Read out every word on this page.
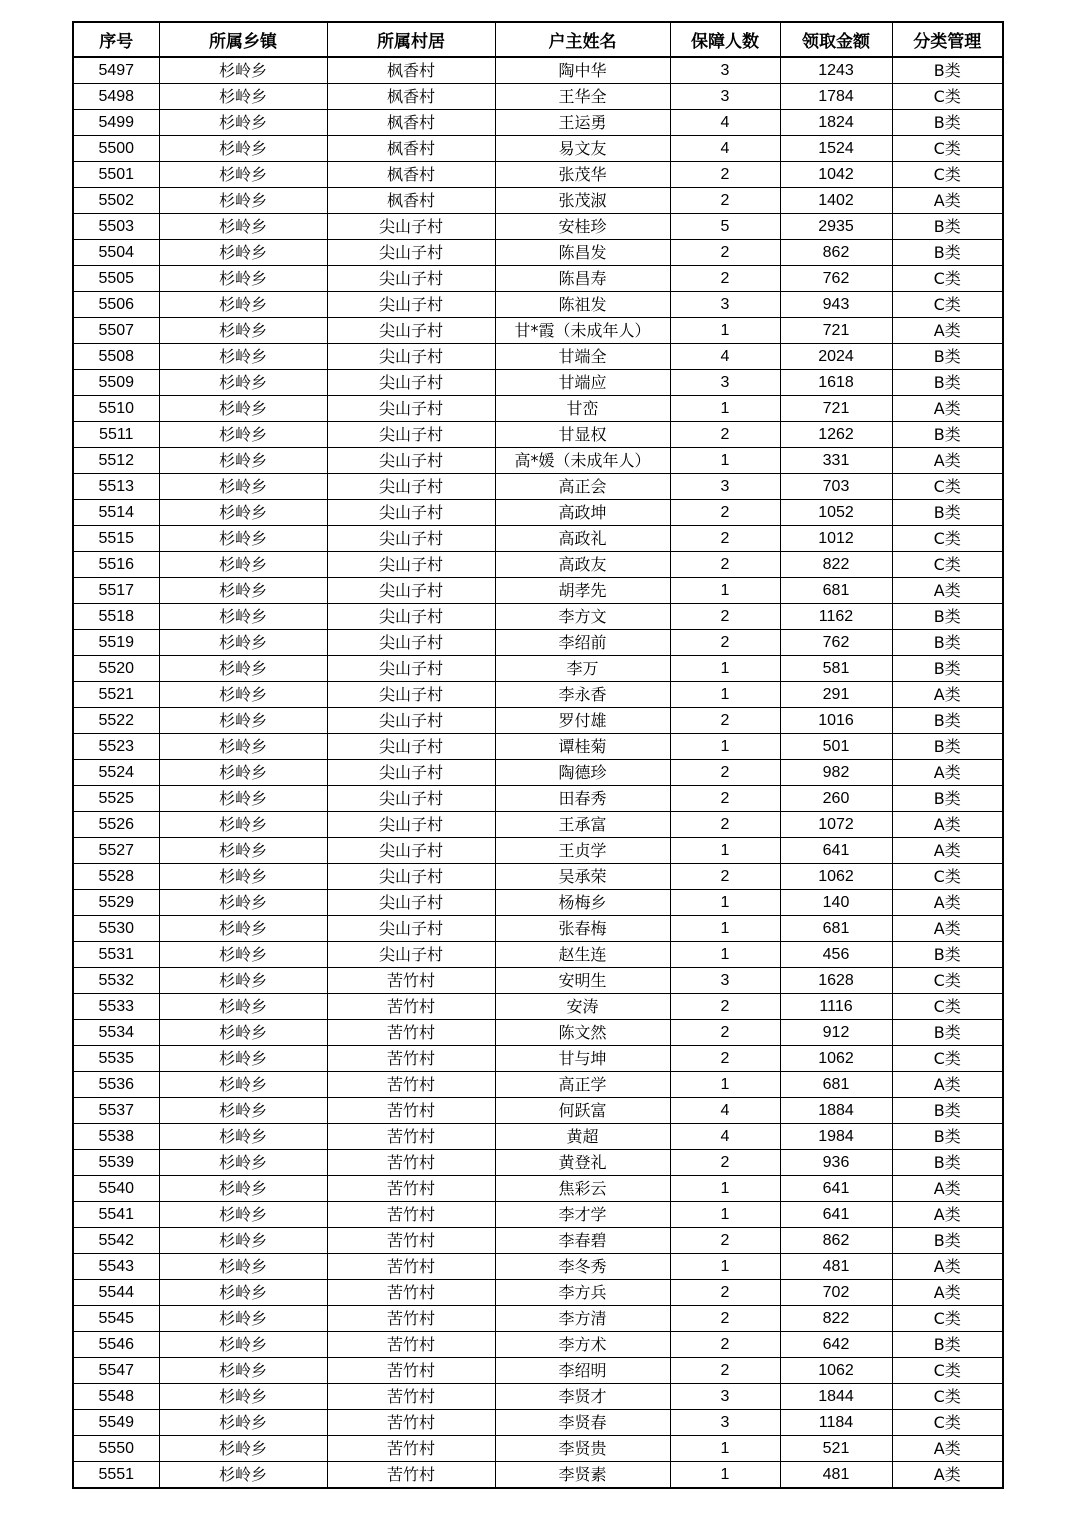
序号	所属乡镇	所属村居	户主姓名	保障人数	领取金额	分类管理
5497	杉岭乡	枫香村	陶中华	3	1243	B类
5498	杉岭乡	枫香村	王华全	3	1784	C类
5499	杉岭乡	枫香村	王运勇	4	1824	B类
5500	杉岭乡	枫香村	易文友	4	1524	C类
5501	杉岭乡	枫香村	张茂华	2	1042	C类
5502	杉岭乡	枫香村	张茂淑	2	1402	A类
5503	杉岭乡	尖山子村	安桂珍	5	2935	B类
5504	杉岭乡	尖山子村	陈昌发	2	862	B类
5505	杉岭乡	尖山子村	陈昌寿	2	762	C类
5506	杉岭乡	尖山子村	陈祖发	3	943	C类
5507	杉岭乡	尖山子村	甘*霞（未成年人）	1	721	A类
5508	杉岭乡	尖山子村	甘端全	4	2024	B类
5509	杉岭乡	尖山子村	甘端应	3	1618	B类
5510	杉岭乡	尖山子村	甘峦	1	721	A类
5511	杉岭乡	尖山子村	甘显权	2	1262	B类
5512	杉岭乡	尖山子村	高*媛（未成年人）	1	331	A类
5513	杉岭乡	尖山子村	高正会	3	703	C类
5514	杉岭乡	尖山子村	高政坤	2	1052	B类
5515	杉岭乡	尖山子村	高政礼	2	1012	C类
5516	杉岭乡	尖山子村	高政友	2	822	C类
5517	杉岭乡	尖山子村	胡孝先	1	681	A类
5518	杉岭乡	尖山子村	李方文	2	1162	B类
5519	杉岭乡	尖山子村	李绍前	2	762	B类
5520	杉岭乡	尖山子村	李万	1	581	B类
5521	杉岭乡	尖山子村	李永香	1	291	A类
5522	杉岭乡	尖山子村	罗付雄	2	1016	B类
5523	杉岭乡	尖山子村	谭桂菊	1	501	B类
5524	杉岭乡	尖山子村	陶德珍	2	982	A类
5525	杉岭乡	尖山子村	田春秀	2	260	B类
5526	杉岭乡	尖山子村	王承富	2	1072	A类
5527	杉岭乡	尖山子村	王贞学	1	641	A类
5528	杉岭乡	尖山子村	吴承荣	2	1062	C类
5529	杉岭乡	尖山子村	杨梅乡	1	140	A类
5530	杉岭乡	尖山子村	张春梅	1	681	A类
5531	杉岭乡	尖山子村	赵生连	1	456	B类
5532	杉岭乡	苦竹村	安明生	3	1628	C类
5533	杉岭乡	苦竹村	安涛	2	1116	C类
5534	杉岭乡	苦竹村	陈文然	2	912	B类
5535	杉岭乡	苦竹村	甘与坤	2	1062	C类
5536	杉岭乡	苦竹村	高正学	1	681	A类
5537	杉岭乡	苦竹村	何跃富	4	1884	B类
5538	杉岭乡	苦竹村	黄超	4	1984	B类
5539	杉岭乡	苦竹村	黄登礼	2	936	B类
5540	杉岭乡	苦竹村	焦彩云	1	641	A类
5541	杉岭乡	苦竹村	李才学	1	641	A类
5542	杉岭乡	苦竹村	李春碧	2	862	B类
5543	杉岭乡	苦竹村	李冬秀	1	481	A类
5544	杉岭乡	苦竹村	李方兵	2	702	A类
5545	杉岭乡	苦竹村	李方清	2	822	C类
5546	杉岭乡	苦竹村	李方术	2	642	B类
5547	杉岭乡	苦竹村	李绍明	2	1062	C类
5548	杉岭乡	苦竹村	李贤才	3	1844	C类
5549	杉岭乡	苦竹村	李贤春	3	1184	C类
5550	杉岭乡	苦竹村	李贤贵	1	521	A类
5551	杉岭乡	苦竹村	李贤素	1	481	A类
